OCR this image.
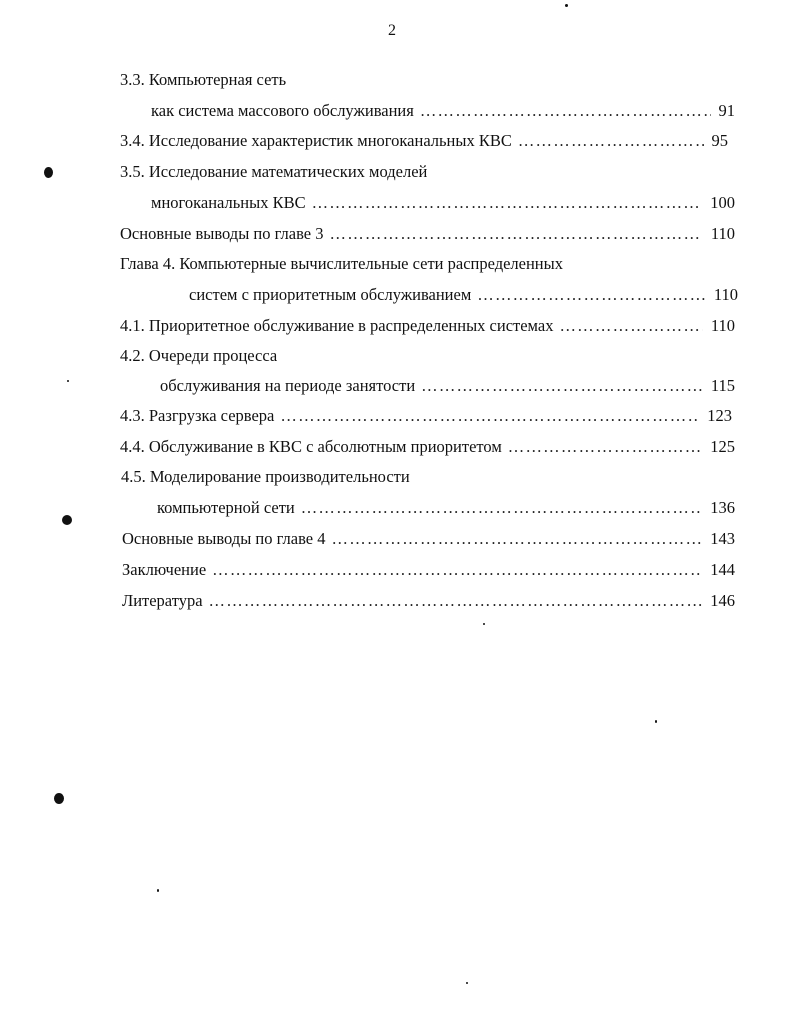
2
3.3. Компьютерная сеть
как система массового обслуживания ……………………………………………………………………………………………………………………………………………	91
3.4. Исследование характеристик многоканальных КВС ……………………………………………………………………………………………………………………………………………	95
3.5. Исследование математических моделей
многоканальных КВС ……………………………………………………………………………………………………………………………………………	100
Основные выводы по главе 3 ……………………………………………………………………………………………………………………………………………	110
Глава 4. Компьютерные вычислительные сети распределенных
систем с приоритетным обслуживанием ……………………………………………………………………………………………………………………………………………	110
4.1. Приоритетное обслуживание в распределенных системах ……………………………………………………………………………………………………………………………………………	110
4.2. Очереди процесса
обслуживания на периоде занятости ……………………………………………………………………………………………………………………………………………	115
4.3. Разгрузка сервера ……………………………………………………………………………………………………………………………………………	123
4.4. Обслуживание в КВС с абсолютным приоритетом ……………………………………………………………………………………………………………………………………………	125
4.5. Моделирование производительности
компьютерной сети ……………………………………………………………………………………………………………………………………………	136
Основные выводы по главе 4 ……………………………………………………………………………………………………………………………………………	143
Заключение ……………………………………………………………………………………………………………………………………………	144
Литература ……………………………………………………………………………………………………………………………………………	146
